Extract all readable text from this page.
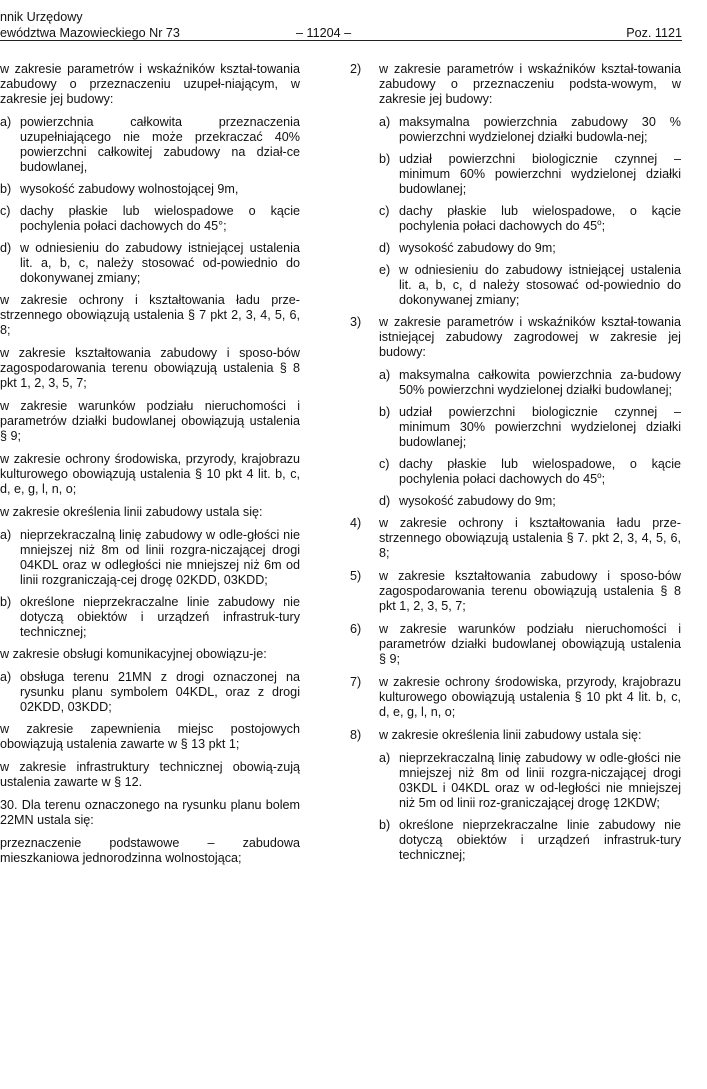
nnik Urzędowy
ewództwa Mazowieckiego Nr 73	– 11204 –	Poz. 1121
w zakresie parametrów i wskaźników kształ-towania zabudowy o przeznaczeniu uzupeł-niającym, w zakresie jej budowy:
a) powierzchnia całkowita przeznaczenia uzupełniającego nie może przekraczać 40% powierzchni całkowitej zabudowy na dział-ce budowlanej,
b) wysokość zabudowy wolnostojącej 9m,
c) dachy płaskie lub wielospadowe o kącie pochylenia połaci dachowych do 45°;
d) w odniesieniu do zabudowy istniejącej ustalenia lit. a, b, c, należy stosować od-powiednio do dokonywanej zmiany;
w zakresie ochrony i kształtowania ładu prze-strzennego obowiązują ustalenia § 7 pkt 2, 3, 4, 5, 6, 8;
w zakresie kształtowania zabudowy i sposo-bów zagospodarowania terenu obowiązują ustalenia § 8 pkt 1, 2, 3, 5, 7;
w zakresie warunków podziału nieruchomości i parametrów działki budowlanej obowiązują ustalenia § 9;
w zakresie ochrony środowiska, przyrody, krajobrazu kulturowego obowiązują ustalenia § 10 pkt 4 lit. b, c, d, e, g, l, n, o;
w zakresie określenia linii zabudowy ustala się:
a) nieprzekraczalną linię zabudowy w odle-głości nie mniejszej niż 8m od linii rozgra-niczającej drogi 04KDL oraz w odległości nie mniejszej niż 6m od linii rozgraniczają-cej drogę 02KDD, 03KDD;
b) określone nieprzekraczalne linie zabudowy nie dotyczą obiektów i urządzeń infrastruk-tury technicznej;
w zakresie obsługi komunikacyjnej obowiązu-je:
a) obsługa terenu 21MN z drogi oznaczonej na rysunku planu symbolem 04KDL, oraz z drogi 02KDD, 03KDD;
w zakresie zapewnienia miejsc postojowych obowiązują ustalenia zawarte w § 13 pkt 1;
w zakresie infrastruktury technicznej obowią-zują ustalenia zawarte w § 12.
30. Dla terenu oznaczonego na rysunku planu bolem 22MN ustala się:
przeznaczenie podstawowe – zabudowa mieszkaniowa jednorodzinna wolnostojąca;
2)	w zakresie parametrów i wskaźników kształ-towania zabudowy o przeznaczeniu podsta-wowym, w zakresie jej budowy:
a) maksymalna powierzchnia zabudowy 30 % powierzchni wydzielonej działki budowla-nej;
b) udział powierzchni biologicznie czynnej – minimum 60% powierzchni wydzielonej działki budowlanej;
c) dachy płaskie lub wielospadowe, o kącie pochylenia połaci dachowych do 45$^o$;
d) wysokość zabudowy do 9m;
e) w odniesieniu do zabudowy istniejącej ustalenia lit. a, b, c, d należy stosować od-powiednio do dokonywanej zmiany;
3)	w zakresie parametrów i wskaźników kształ-towania istniejącej zabudowy zagrodowej w zakresie jej budowy:
a) maksymalna całkowita powierzchnia za-budowy 50% powierzchni wydzielonej działki budowlanej;
b) udział powierzchni biologicznie czynnej – minimum 30% powierzchni wydzielonej działki budowlanej;
c) dachy płaskie lub wielospadowe, o kącie pochylenia połaci dachowych do 45$^o$;
d) wysokość zabudowy do 9m;
4)	w zakresie ochrony i kształtowania ładu prze-strzennego obowiązują ustalenia § 7. pkt 2, 3, 4, 5, 6, 8;
5)	w zakresie kształtowania zabudowy i sposo-bów zagospodarowania terenu obowiązują ustalenia § 8 pkt 1, 2, 3, 5, 7;
6)	w zakresie warunków podziału nieruchomości i parametrów działki budowlanej obowiązują ustalenia § 9;
7)	w zakresie ochrony środowiska, przyrody, krajobrazu kulturowego obowiązują ustalenia § 10 pkt 4 lit. b, c, d, e, g, l, n, o;
8)	w zakresie określenia linii zabudowy ustala się:
a) nieprzekraczalną linię zabudowy w odle-głości nie mniejszej niż 8m od linii rozgra-niczającej drogi 03KDL i 04KDL oraz w od-ległości nie mniejszej niż 5m od linii roz-graniczającej drogę 12KDW;
b) określone nieprzekraczalne linie zabudowy nie dotyczą obiektów i urządzeń infrastruk-tury technicznej;
